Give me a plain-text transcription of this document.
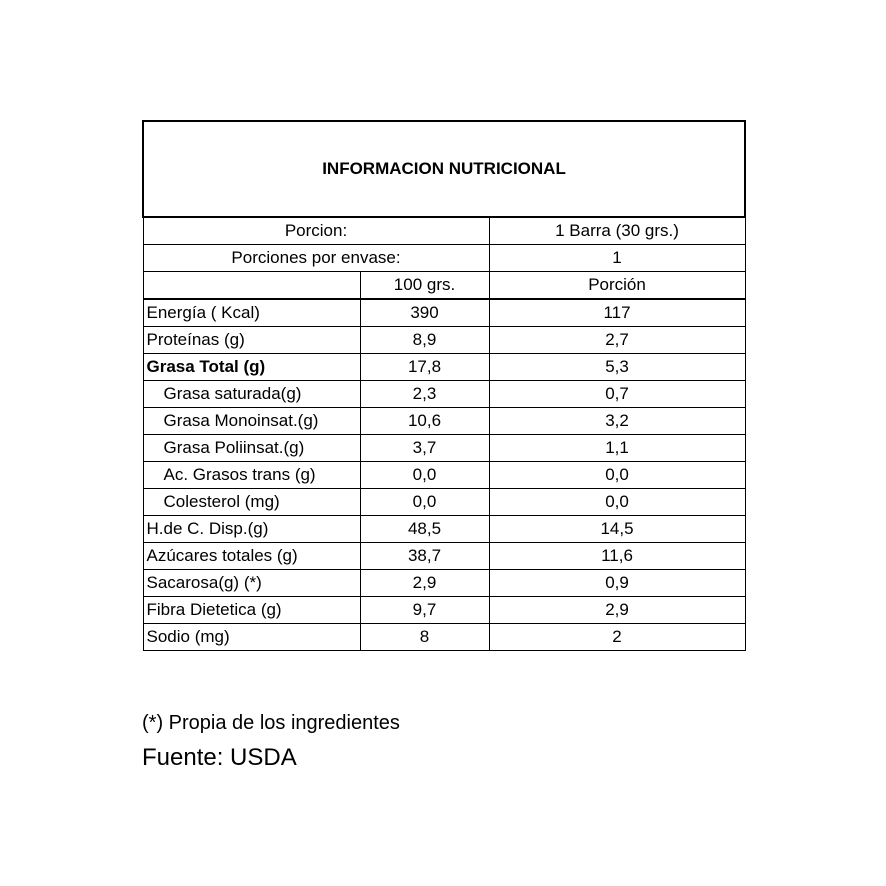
INFORMACION NUTRICIONAL		
Porcion:		1 Barra (30 grs.)
Porciones por envase:		1
	100 grs.	Porción
Energía ( Kcal)	390	117
Proteínas (g)	8,9	2,7
Grasa Total (g)	17,8	5,3
Grasa saturada(g)	2,3	0,7
Grasa Monoinsat.(g)	10,6	3,2
Grasa Poliinsat.(g)	3,7	1,1
Ac. Grasos trans (g)	0,0	0,0
Colesterol (mg)	0,0	0,0
H.de C. Disp.(g)	48,5	14,5
Azúcares totales (g)	38,7	11,6
Sacarosa(g) (*)	2,9	0,9
Fibra Dietetica (g)	9,7	2,9
Sodio (mg)	8	2
(*) Propia de los ingredientes
Fuente: USDA
